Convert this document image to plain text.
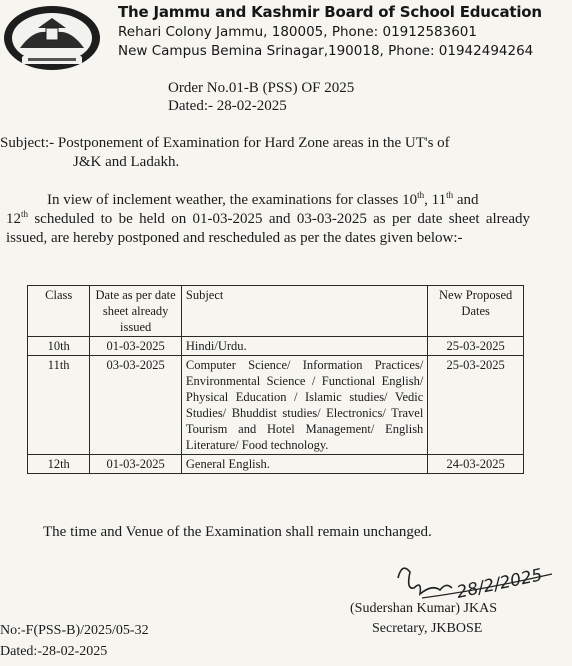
The Jammu and Kashmir Board of School Education
Rehari Colony Jammu, 180005, Phone: 01912583601
New Campus Bemina Srinagar,190018, Phone: 01942494264
Order No.01-B (PSS) OF 2025
Dated:- 28-02-2025
Subject:- Postponement of Examination for Hard Zone areas in the UT's of
J&K and Ladakh.
In view of inclement weather, the examinations for classes 10th, 11th and
12th scheduled to be held on 01-03-2025 and 03-03-2025 as per date sheet already issued, are hereby postponed and rescheduled as per the dates given below:-
Class	Date as per date sheet already issued	Subject	New Proposed Dates
10th	01-03-2025	Hindi/Urdu.	25-03-2025
11th	03-03-2025	Computer Science/ Information Practices/ Environmental Science / Functional English/ Physical Education / Islamic studies/ Vedic Studies/ Bhuddist studies/ Electronics/ Travel Tourism and Hotel Management/ English Literature/ Food technology.	25-03-2025
12th	01-03-2025	General English.	24-03-2025
The time and Venue of the Examination shall remain unchanged.
28/2/2025
(Sudershan Kumar) JKAS
Secretary, JKBOSE
No:-F(PSS-B)/2025/05-32
Dated:-28-02-2025
